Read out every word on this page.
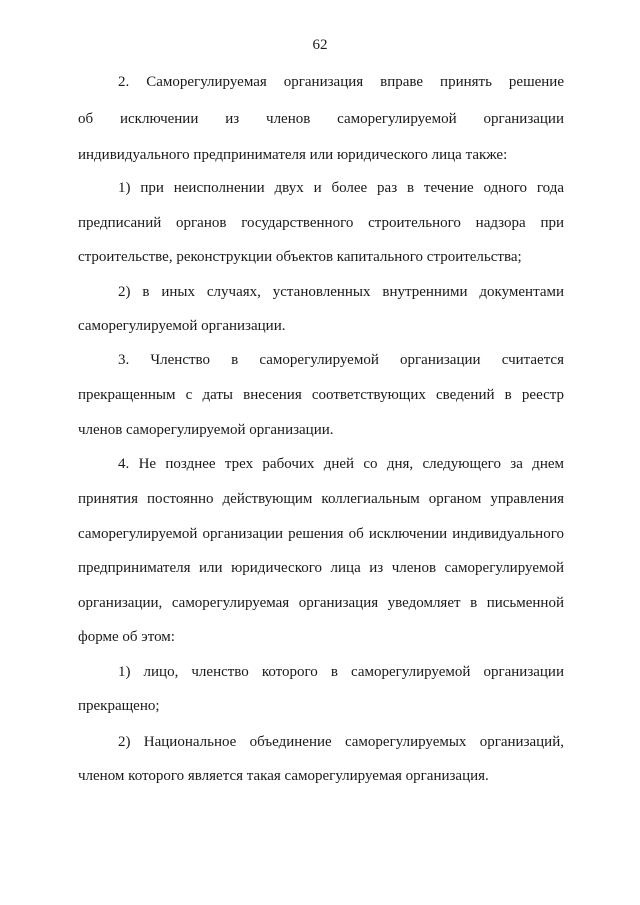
62
2. Саморегулируемая организация вправе принять решение
об исключении из членов саморегулируемой организации
индивидуального предпринимателя или юридического лица также:
1) при неисполнении двух и более раз в течение одного года
предписаний органов государственного строительного надзора при
строительстве, реконструкции объектов капитального строительства;
2) в иных случаях, установленных внутренними документами
саморегулируемой организации.
3. Членство в саморегулируемой организации считается
прекращенным с даты внесения соответствующих сведений в реестр
членов саморегулируемой организации.
4. Не позднее трех рабочих дней со дня, следующего за днем
принятия постоянно действующим коллегиальным органом управления
саморегулируемой организации решения об исключении индивидуального
предпринимателя или юридического лица из членов саморегулируемой
организации, саморегулируемая организация уведомляет в письменной
форме об этом:
1) лицо, членство которого в саморегулируемой организации
прекращено;
2) Национальное объединение саморегулируемых организаций,
членом которого является такая саморегулируемая организация.
